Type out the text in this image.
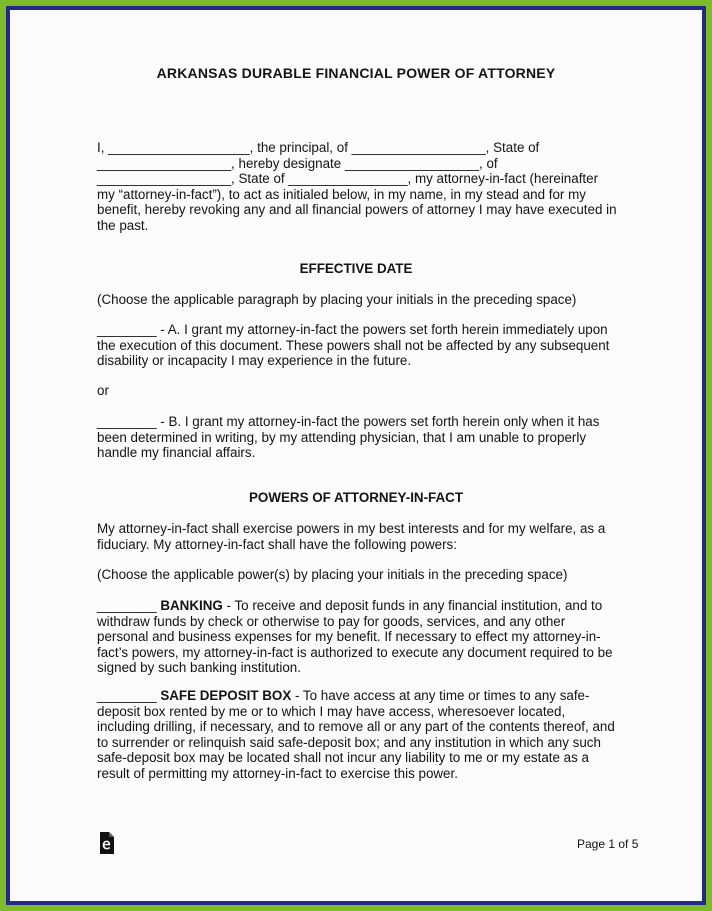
ARKANSAS DURABLE FINANCIAL POWER OF ATTORNEY
I, ___________________, the principal, of __________________, State of
__________________, hereby designate __________________, of
__________________, State of ________________, my attorney-in-fact (hereinafter
my “attorney-in-fact”), to act as initialed below, in my name, in my stead and for my
benefit, hereby revoking any and all financial powers of attorney I may have executed in
the past.
EFFECTIVE DATE
(Choose the applicable paragraph by placing your initials in the preceding space)
________ - A. I grant my attorney-in-fact the powers set forth herein immediately upon
the execution of this document. These powers shall not be affected by any subsequent
disability or incapacity I may experience in the future.
or
________ - B. I grant my attorney-in-fact the powers set forth herein only when it has
been determined in writing, by my attending physician, that I am unable to properly
handle my financial affairs.
POWERS OF ATTORNEY-IN-FACT
My attorney-in-fact shall exercise powers in my best interests and for my welfare, as a
fiduciary. My attorney-in-fact shall have the following powers:
(Choose the applicable power(s) by placing your initials in the preceding space)
________ BANKING - To receive and deposit funds in any financial institution, and to
withdraw funds by check or otherwise to pay for goods, services, and any other
personal and business expenses for my benefit. If necessary to effect my attorney-in-
fact’s powers, my attorney-in-fact is authorized to execute any document required to be
signed by such banking institution.
________ SAFE DEPOSIT BOX - To have access at any time or times to any safe-
deposit box rented by me or to which I may have access, wheresoever located,
including drilling, if necessary, and to remove all or any part of the contents thereof, and
to surrender or relinquish said safe-deposit box; and any institution in which any such
safe-deposit box may be located shall not incur any liability to me or my estate as a
result of permitting my attorney-in-fact to exercise this power.
Page 1 of 5
